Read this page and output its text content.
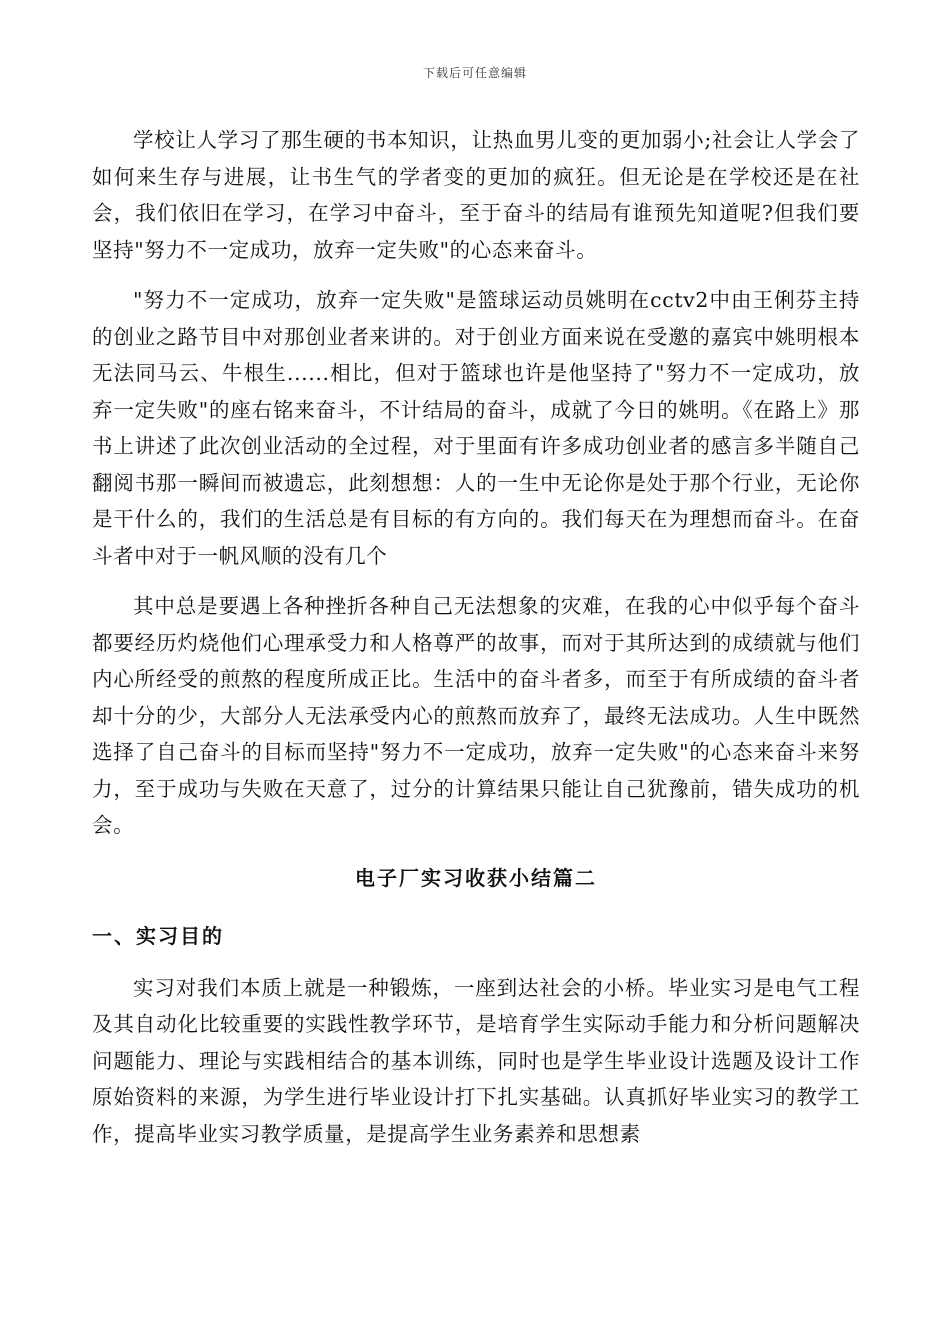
下载后可任意编辑

学校让人学习了那生硬的书本知识，让热血男儿变的更加弱小;社会让人学会了如何来生存与进展，让书生气的学者变的更加的疯狂。但无论是在学校还是在社会，我们依旧在学习，在学习中奋斗，至于奋斗的结局有谁预先知道呢?但我们要坚持"努力不一定成功，放弃一定失败"的心态来奋斗。

"努力不一定成功，放弃一定失败"是篮球运动员姚明在cctv2中由王俐芬主持的创业之路节目中对那创业者来讲的。对于创业方面来说在受邀的嘉宾中姚明根本无法同马云、牛根生......相比，但对于篮球也许是他坚持了"努力不一定成功，放弃一定失败"的座右铭来奋斗，不计结局的奋斗，成就了今日的姚明。《在路上》那书上讲述了此次创业活动的全过程，对于里面有许多成功创业者的感言多半随自己翻阅书那一瞬间而被遗忘，此刻想想：人的一生中无论你是处于那个行业，无论你是干什么的，我们的生活总是有目标的有方向的。我们每天在为理想而奋斗。在奋斗者中对于一帆风顺的没有几个

其中总是要遇上各种挫折各种自己无法想象的灾难，在我的心中似乎每个奋斗都要经历灼烧他们心理承受力和人格尊严的故事，而对于其所达到的成绩就与他们内心所经受的煎熬的程度所成正比。生活中的奋斗者多，而至于有所成绩的奋斗者却十分的少，大部分人无法承受内心的煎熬而放弃了，最终无法成功。人生中既然选择了自己奋斗的目标而坚持"努力不一定成功，放弃一定失败"的心态来奋斗来努力，至于成功与失败在天意了，过分的计算结果只能让自己犹豫前，错失成功的机会。

电子厂实习收获小结篇二
一、实习目的

实习对我们本质上就是一种锻炼，一座到达社会的小桥。毕业实习是电气工程及其自动化比较重要的实践性教学环节，是培育学生实际动手能力和分析问题解决问题能力、理论与实践相结合的基本训练，同时也是学生毕业设计选题及设计工作原始资料的来源，为学生进行毕业设计打下扎实基础。认真抓好毕业实习的教学工作，提高毕业实习教学质量，是提高学生业务素养和思想素
